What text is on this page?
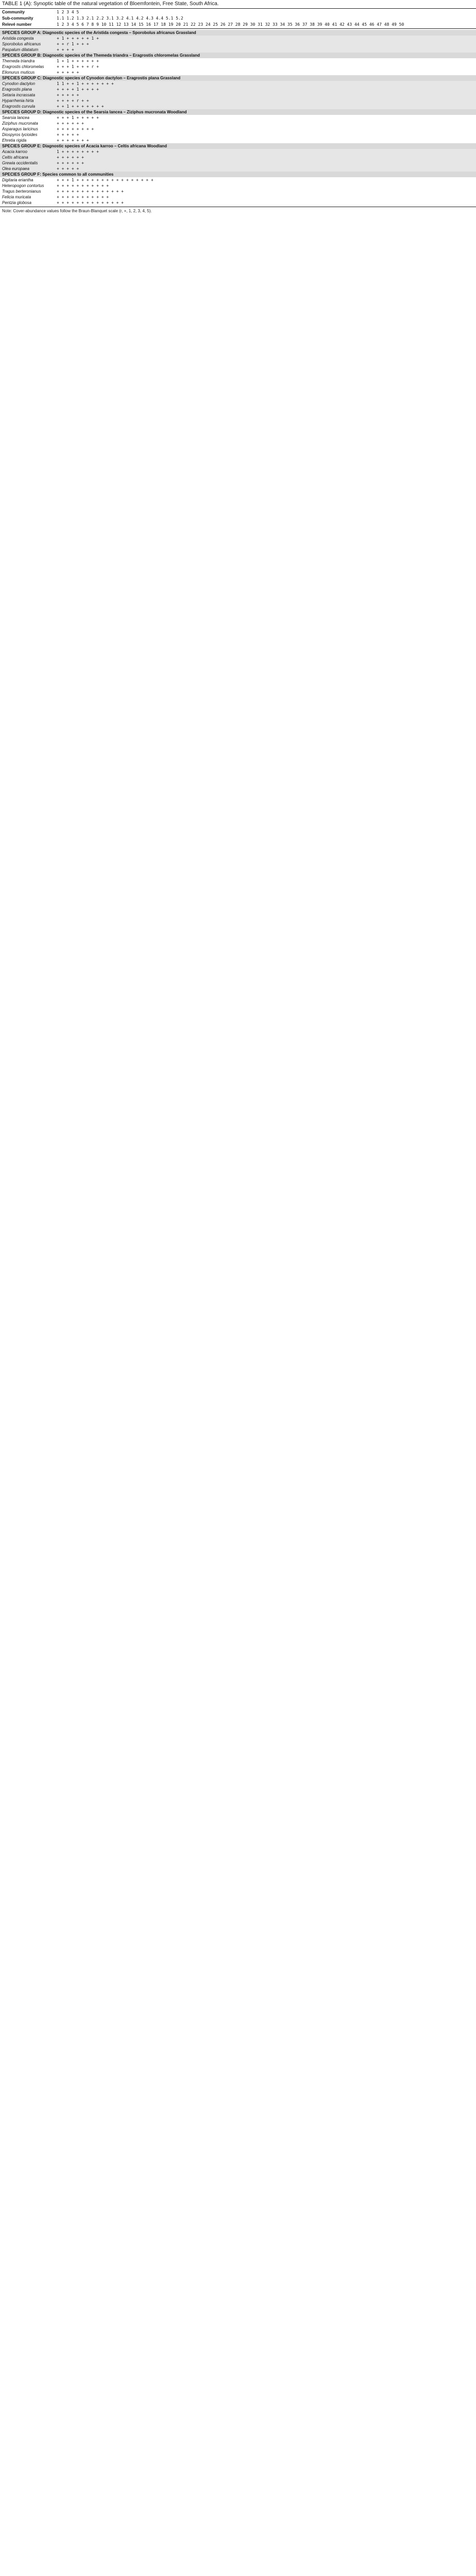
TABLE 1 (A): Synoptic table of the natural vegetation of Bloemfontein, Free State, South Africa.
Community	1 2 3 4 5
Sub-community	1.1 1.2 1.3 2.1 2.2 3.1 3.2 4.1 4.2 4.3 4.4 5.1 5.2
Relevé number	1 2 3 4 5 6 7 8 9 10 11 12 13 14 15 16 17 18 19 20 21 22 23 24 25 26 27 28 29 30 31 32 33 34 35 36 37 38 39 40 41 42 43 44 45 46 47 48 49 50
SPECIES GROUP A: Diagnostic species of the Aristida congesta – Sporobolus africanus Grassland
Aristida congesta	+ 1 + + + + + 1 +
Sporobolus africanus	+ + r 1 + + +
Paspalum dilatatum	+ + + +
SPECIES GROUP B: Diagnostic species of the Themeda triandra – Eragrostis chloromelas Grassland
Themeda triandra	1 + 1 + + + + + +
Eragrostis chloromelas	+ + + 1 + + + r +
Elionurus muticus	+ + + + +
SPECIES GROUP C: Diagnostic species of Cynodon dactylon – Eragrostis plana Grassland
Cynodon dactylon	1 1 + + 1 + + + + + + +
Eragrostis plana	+ + + + 1 + + + +
Setaria incrassata	+ + + + +
Hyparrhenia hirta	+ + + + r + +
Eragrostis curvula	+ + 1 + + + + + + +
SPECIES GROUP D: Diagnostic species of the Searsia lancea – Ziziphus mucronata Woodland
Searsia lancea	+ + + 1 + + + + +
Ziziphus mucronata	+ + + + + +
Asparagus laricinus	+ + + + + + + +
Diospyros lycioides	+ + + + +
Ehretia rigida	+ + + + + + +
SPECIES GROUP E: Diagnostic species of Acacia karroo – Celtis africana Woodland
Acacia karroo	1 + + + + + + + +
Celtis africana	+ + + + + +
Grewia occidentalis	+ + + + + +
Olea europaea	+ + + + +
SPECIES GROUP F: Species common to all communities
Digitaria eriantha	+ + + 1 + + + + + + + + + + + + + + + +
Heteropogon contortus	+ + + + + + + + + + +
Tragus berteronianus	+ + + + + + + + + + + + + +
Felicia muricata	+ + + + + + + + + + +
Pentzia globosa	+ + + + + + + + + + + + + +
Note: Cover-abundance values follow the Braun-Blanquet scale (r, +, 1, 2, 3, 4, 5).
